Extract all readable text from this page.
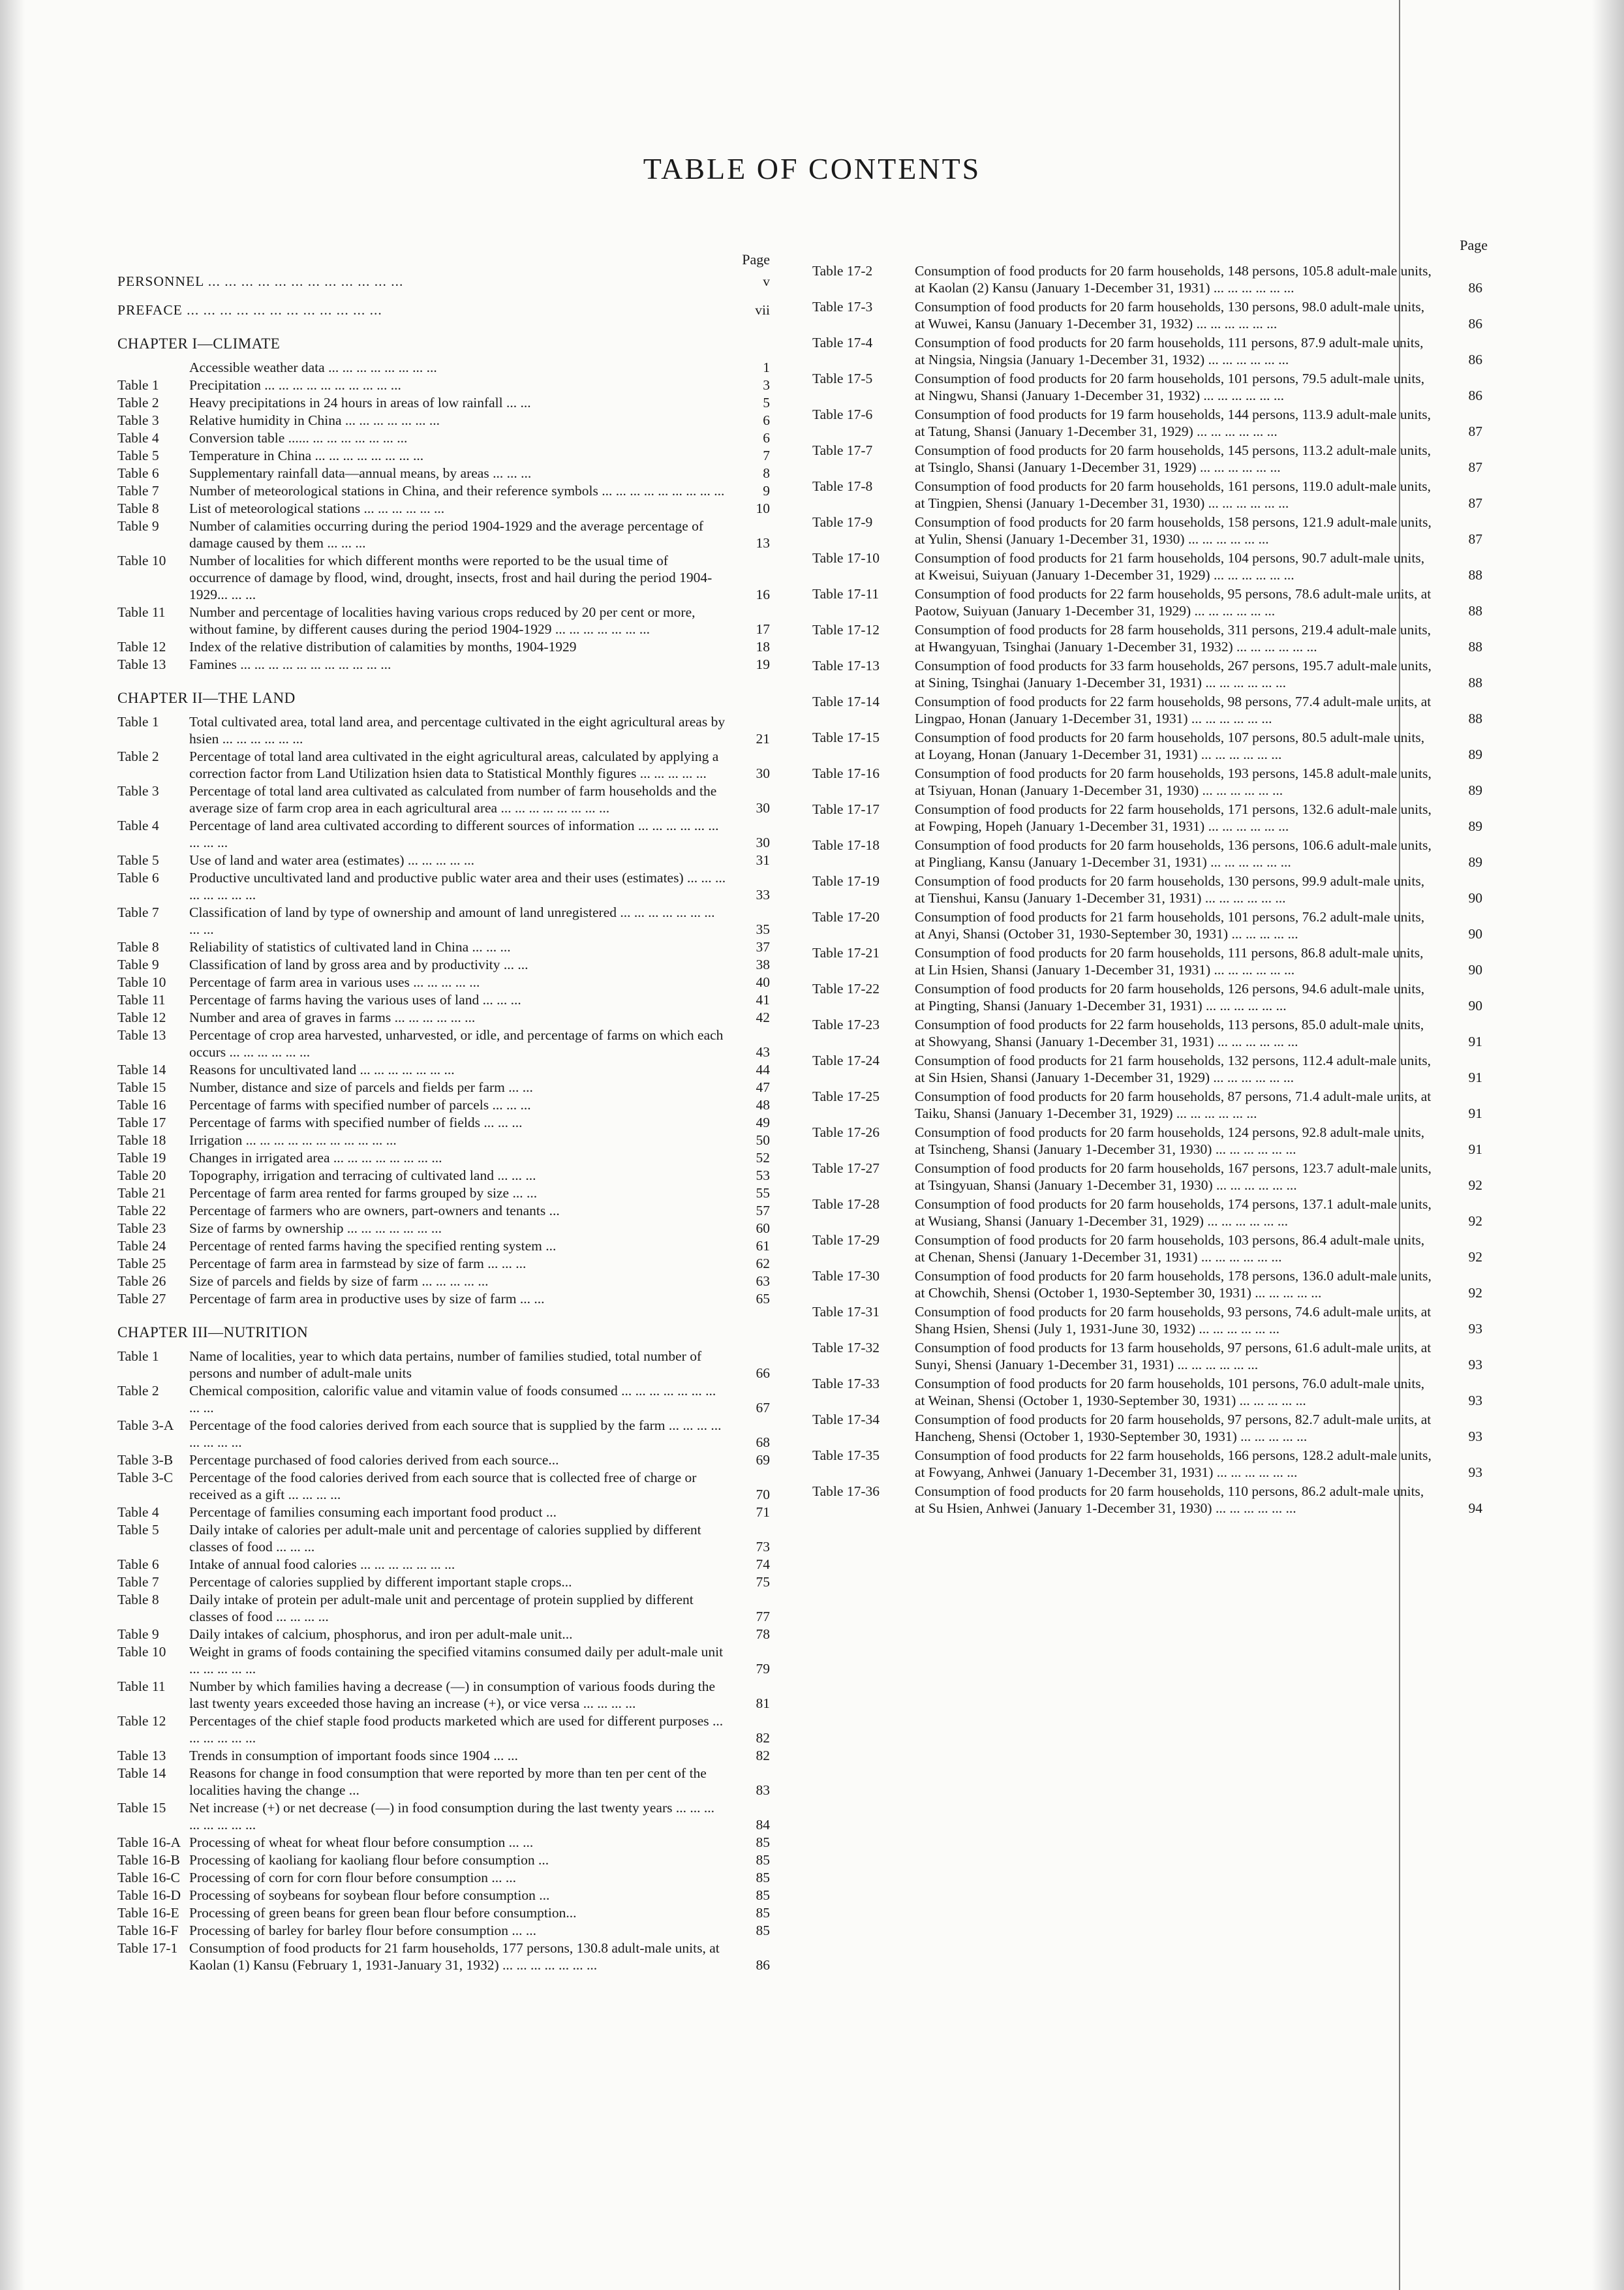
TABLE OF CONTENTS
Page
PERSONNEL ... ... ... ... ... ... ... ... ... ... ... ...	v
PREFACE ... ... ... ... ... ... ... ... ... ... ... ...	vii
CHAPTER I—CLIMATE
Accessible weather data ... ... ... ... ... ... ... ...	1
Table 1	Precipitation ... ... ... ... ... ... ... ... ... ...	3
Table 2	Heavy precipitations in 24 hours in areas of low rainfall ... ...	5
Table 3	Relative humidity in China ... ... ... ... ... ... ...	6
Table 4	Conversion table ...... ... ... ... ... ... ... ...	6
Table 5	Temperature in China ... ... ... ... ... ... ... ...	7
Table 6	Supplementary rainfall data—annual means, by areas ... ... ...	8
Table 7	Number of meteorological stations in China, and their reference symbols ... ... ... ... ... ... ... ... ...	9
Table 8	List of meteorological stations ... ... ... ... ... ...	10
Table 9	Number of calamities occurring during the period 1904-1929 and the average percentage of damage caused by them ... ... ...	13
Table 10	Number of localities for which different months were reported to be the usual time of occurrence of damage by flood, wind, drought, insects, frost and hail during the period 1904-1929... ... ...	16
Table 11	Number and percentage of localities having various crops reduced by 20 per cent or more, without famine, by different causes during the period 1904-1929 ... ... ... ... ... ... ...	17
Table 12	Index of the relative distribution of calamities by months, 1904-1929	18
Table 13	Famines ... ... ... ... ... ... ... ... ... ... ...	19
CHAPTER II—THE LAND
Table 1	Total cultivated area, total land area, and percentage cultivated in the eight agricultural areas by hsien ... ... ... ... ... ...	21
Table 2	Percentage of total land area cultivated in the eight agricultural areas, calculated by applying a correction factor from Land Utilization hsien data to Statistical Monthly figures ... ... ... ... ...	30
Table 3	Percentage of total land area cultivated as calculated from number of farm households and the average size of farm crop area in each agricultural area ... ... ... ... ... ... ... ...	30
Table 4	Percentage of land area cultivated according to different sources of information ... ... ... ... ... ... ... ... ...	30
Table 5	Use of land and water area (estimates) ... ... ... ... ...	31
Table 6	Productive uncultivated land and productive public water area and their uses (estimates) ... ... ... ... ... ... ... ...	33
Table 7	Classification of land by type of ownership and amount of land unregistered ... ... ... ... ... ... ... ... ...	35
Table 8	Reliability of statistics of cultivated land in China ... ... ...	37
Table 9	Classification of land by gross area and by productivity ... ...	38
Table 10	Percentage of farm area in various uses ... ... ... ... ...	40
Table 11	Percentage of farms having the various uses of land ... ... ...	41
Table 12	Number and area of graves in farms ... ... ... ... ... ...	42
Table 13	Percentage of crop area harvested, unharvested, or idle, and percentage of farms on which each occurs ... ... ... ... ... ...	43
Table 14	Reasons for uncultivated land ... ... ... ... ... ... ...	44
Table 15	Number, distance and size of parcels and fields per farm ... ...	47
Table 16	Percentage of farms with specified number of parcels ... ... ...	48
Table 17	Percentage of farms with specified number of fields ... ... ...	49
Table 18	Irrigation ... ... ... ... ... ... ... ... ... ... ...	50
Table 19	Changes in irrigated area ... ... ... ... ... ... ... ...	52
Table 20	Topography, irrigation and terracing of cultivated land ... ... ...	53
Table 21	Percentage of farm area rented for farms grouped by size ... ...	55
Table 22	Percentage of farmers who are owners, part-owners and tenants ...	57
Table 23	Size of farms by ownership ... ... ... ... ... ... ...	60
Table 24	Percentage of rented farms having the specified renting system ...	61
Table 25	Percentage of farm area in farmstead by size of farm ... ... ...	62
Table 26	Size of parcels and fields by size of farm ... ... ... ... ...	63
Table 27	Percentage of farm area in productive uses by size of farm ... ...	65
CHAPTER III—NUTRITION
Table 1	Name of localities, year to which data pertains, number of families studied, total number of persons and number of adult-male units	66
Table 2	Chemical composition, calorific value and vitamin value of foods consumed ... ... ... ... ... ... ... ... ...	67
Table 3-A	Percentage of the food calories derived from each source that is supplied by the farm ... ... ... ... ... ... ... ...	68
Table 3-B	Percentage purchased of food calories derived from each source...	69
Table 3-C	Percentage of the food calories derived from each source that is collected free of charge or received as a gift ... ... ... ...	70
Table 4	Percentage of families consuming each important food product ...	71
Table 5	Daily intake of calories per adult-male unit and percentage of calories supplied by different classes of food ... ... ...	73
Table 6	Intake of annual food calories ... ... ... ... ... ... ...	74
Table 7	Percentage of calories supplied by different important staple crops...	75
Table 8	Daily intake of protein per adult-male unit and percentage of protein supplied by different classes of food ... ... ... ...	77
Table 9	Daily intakes of calcium, phosphorus, and iron per adult-male unit...	78
Table 10	Weight in grams of foods containing the specified vitamins consumed daily per adult-male unit ... ... ... ... ...	79
Table 11	Number by which families having a decrease (—) in consumption of various foods during the last twenty years exceeded those having an increase (+), or vice versa ... ... ... ...	81
Table 12	Percentages of the chief staple food products marketed which are used for different purposes ... ... ... ... ... ...	82
Table 13	Trends in consumption of important foods since 1904 ... ...	82
Table 14	Reasons for change in food consumption that were reported by more than ten per cent of the localities having the change ...	83
Table 15	Net increase (+) or net decrease (—) in food consumption during the last twenty years ... ... ... ... ... ... ... ...	84
Table 16-A Processing of wheat for wheat flour before consumption ... ...	85
Table 16-B Processing of kaoliang for kaoliang flour before consumption ...	85
Table 16-C Processing of corn for corn flour before consumption ... ...	85
Table 16-D Processing of soybeans for soybean flour before consumption ...	85
Table 16-E Processing of green beans for green bean flour before consumption...	85
Table 16-F Processing of barley for barley flour before consumption ... ...	85
Table 17-1 Consumption of food products for 21 farm households, 177 persons, 130.8 adult-male units, at Kaolan (1) Kansu (February 1, 1931-January 31, 1932) ... ... ... ... ... ... ...	86
Page
Table 17-2	Consumption of food products for 20 farm households, 148 persons, 105.8 adult-male units, at Kaolan (2) Kansu (January 1-December 31, 1931) ... ... ... ... ... ...	86
Table 17-3	Consumption of food products for 20 farm households, 130 persons, 98.0 adult-male units, at Wuwei, Kansu (January 1-December 31, 1932) ... ... ... ... ... ...	86
Table 17-4	Consumption of food products for 20 farm households, 111 persons, 87.9 adult-male units, at Ningsia, Ningsia (January 1-December 31, 1932) ... ... ... ... ... ...	86
Table 17-5	Consumption of food products for 20 farm households, 101 persons, 79.5 adult-male units, at Ningwu, Shansi (January 1-December 31, 1932) ... ... ... ... ... ...	86
Table 17-6	Consumption of food products for 19 farm households, 144 persons, 113.9 adult-male units, at Tatung, Shansi (January 1-December 31, 1929) ... ... ... ... ... ...	87
Table 17-7	Consumption of food products for 20 farm households, 145 persons, 113.2 adult-male units, at Tsinglo, Shansi (January 1-December 31, 1929) ... ... ... ... ... ...	87
Table 17-8	Consumption of food products for 20 farm households, 161 persons, 119.0 adult-male units, at Tingpien, Shensi (January 1-December 31, 1930) ... ... ... ... ... ...	87
Table 17-9	Consumption of food products for 20 farm households, 158 persons, 121.9 adult-male units, at Yulin, Shensi (January 1-December 31, 1930) ... ... ... ... ... ...	87
Table 17-10	Consumption of food products for 21 farm households, 104 persons, 90.7 adult-male units, at Kweisui, Suiyuan (January 1-December 31, 1929) ... ... ... ... ... ...	88
Table 17-11	Consumption of food products for 22 farm households, 95 persons, 78.6 adult-male units, at Paotow, Suiyuan (January 1-December 31, 1929) ... ... ... ... ... ...	88
Table 17-12	Consumption of food products for 28 farm households, 311 persons, 219.4 adult-male units, at Hwangyuan, Tsinghai (January 1-December 31, 1932) ... ... ... ... ... ...	88
Table 17-13	Consumption of food products for 33 farm households, 267 persons, 195.7 adult-male units, at Sining, Tsinghai (January 1-December 31, 1931) ... ... ... ... ... ...	88
Table 17-14	Consumption of food products for 22 farm households, 98 persons, 77.4 adult-male units, at Lingpao, Honan (January 1-December 31, 1931) ... ... ... ... ... ...	88
Table 17-15	Consumption of food products for 20 farm households, 107 persons, 80.5 adult-male units, at Loyang, Honan (January 1-December 31, 1931) ... ... ... ... ... ...	89
Table 17-16	Consumption of food products for 20 farm households, 193 persons, 145.8 adult-male units, at Tsiyuan, Honan (January 1-December 31, 1930) ... ... ... ... ... ...	89
Table 17-17	Consumption of food products for 22 farm households, 171 persons, 132.6 adult-male units, at Fowping, Hopeh (January 1-December 31, 1931) ... ... ... ... ... ...	89
Table 17-18	Consumption of food products for 20 farm households, 136 persons, 106.6 adult-male units, at Pingliang, Kansu (January 1-December 31, 1931) ... ... ... ... ... ...	89
Table 17-19	Consumption of food products for 20 farm households, 130 persons, 99.9 adult-male units, at Tienshui, Kansu (January 1-December 31, 1931) ... ... ... ... ... ...	90
Table 17-20	Consumption of food products for 21 farm households, 101 persons, 76.2 adult-male units, at Anyi, Shansi (October 31, 1930-September 30, 1931) ... ... ... ... ...	90
Table 17-21	Consumption of food products for 20 farm households, 111 persons, 86.8 adult-male units, at Lin Hsien, Shansi (January 1-December 31, 1931) ... ... ... ... ... ...	90
Table 17-22	Consumption of food products for 20 farm households, 126 persons, 94.6 adult-male units, at Pingting, Shansi (January 1-December 31, 1931) ... ... ... ... ... ...	90
Table 17-23	Consumption of food products for 22 farm households, 113 persons, 85.0 adult-male units, at Showyang, Shansi (January 1-December 31, 1931) ... ... ... ... ... ...	91
Table 17-24	Consumption of food products for 21 farm households, 132 persons, 112.4 adult-male units, at Sin Hsien, Shansi (January 1-December 31, 1929) ... ... ... ... ... ...	91
Table 17-25	Consumption of food products for 20 farm households, 87 persons, 71.4 adult-male units, at Taiku, Shansi (January 1-December 31, 1929) ... ... ... ... ... ...	91
Table 17-26	Consumption of food products for 20 farm households, 124 persons, 92.8 adult-male units, at Tsincheng, Shansi (January 1-December 31, 1930) ... ... ... ... ... ...	91
Table 17-27	Consumption of food products for 20 farm households, 167 persons, 123.7 adult-male units, at Tsingyuan, Shansi (January 1-December 31, 1930) ... ... ... ... ... ...	92
Table 17-28	Consumption of food products for 20 farm households, 174 persons, 137.1 adult-male units, at Wusiang, Shansi (January 1-December 31, 1929) ... ... ... ... ... ...	92
Table 17-29	Consumption of food products for 20 farm households, 103 persons, 86.4 adult-male units, at Chenan, Shensi (January 1-December 31, 1931) ... ... ... ... ... ...	92
Table 17-30	Consumption of food products for 20 farm households, 178 persons, 136.0 adult-male units, at Chowchih, Shensi (October 1, 1930-September 30, 1931) ... ... ... ... ...	92
Table 17-31	Consumption of food products for 20 farm households, 93 persons, 74.6 adult-male units, at Shang Hsien, Shensi (July 1, 1931-June 30, 1932) ... ... ... ... ... ...	93
Table 17-32	Consumption of food products for 13 farm households, 97 persons, 61.6 adult-male units, at Sunyi, Shensi (January 1-December 31, 1931) ... ... ... ... ... ...	93
Table 17-33	Consumption of food products for 20 farm households, 101 persons, 76.0 adult-male units, at Weinan, Shensi (October 1, 1930-September 30, 1931) ... ... ... ... ...	93
Table 17-34	Consumption of food products for 20 farm households, 97 persons, 82.7 adult-male units, at Hancheng, Shensi (October 1, 1930-September 30, 1931) ... ... ... ... ...	93
Table 17-35	Consumption of food products for 22 farm households, 166 persons, 128.2 adult-male units, at Fowyang, Anhwei (January 1-December 31, 1931) ... ... ... ... ... ...	93
Table 17-36	Consumption of food products for 20 farm households, 110 persons, 86.2 adult-male units, at Su Hsien, Anhwei (January 1-December 31, 1930) ... ... ... ... ... ...	94
